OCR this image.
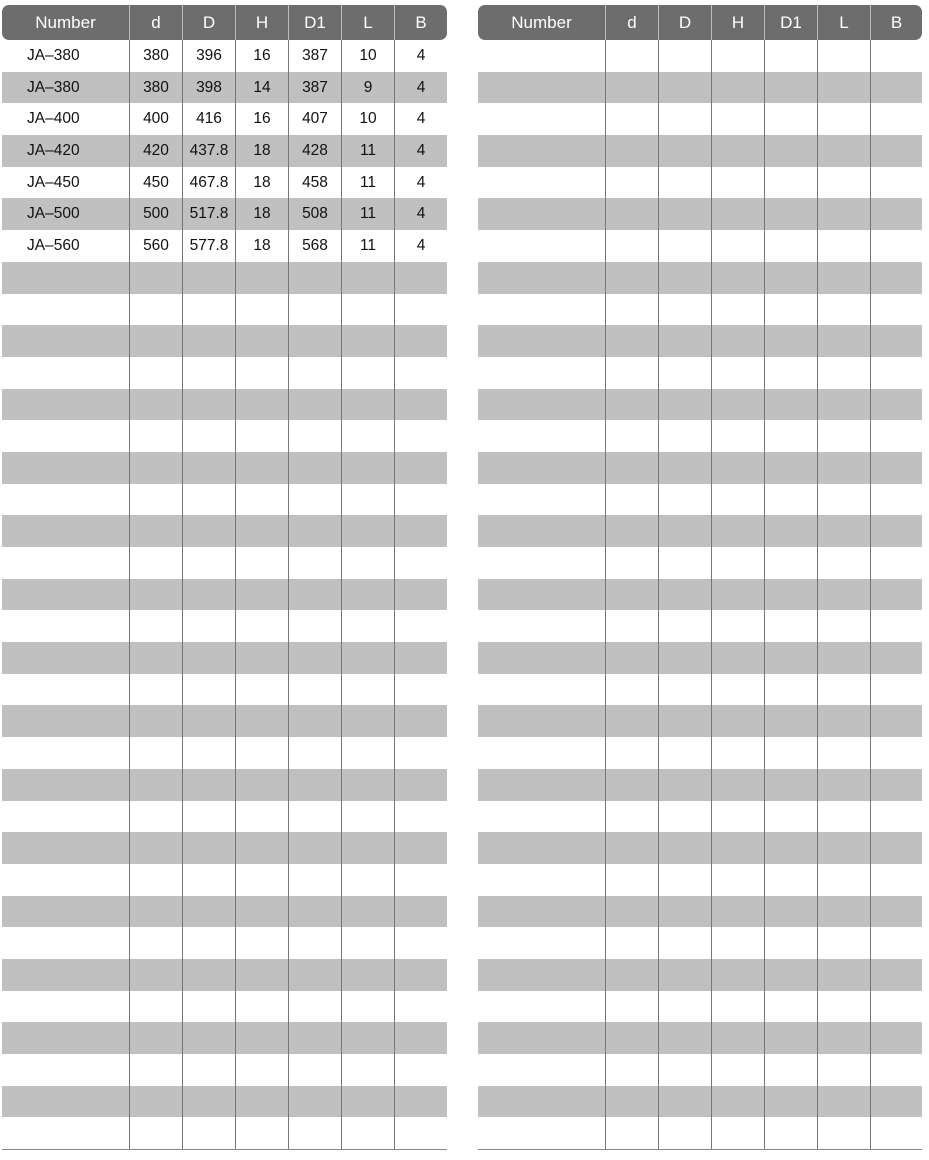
Number	d	D	H	D1	L	B
JA–380	380	396	16	387	10	4
JA–380	380	398	14	387	9	4
JA–400	400	416	16	407	10	4
JA–420	420	437.8	18	428	11	4
JA–450	450	467.8	18	458	11	4
JA–500	500	517.8	18	508	11	4
JA–560	560	577.8	18	568	11	4
Number	d	D	H	D1	L	B
